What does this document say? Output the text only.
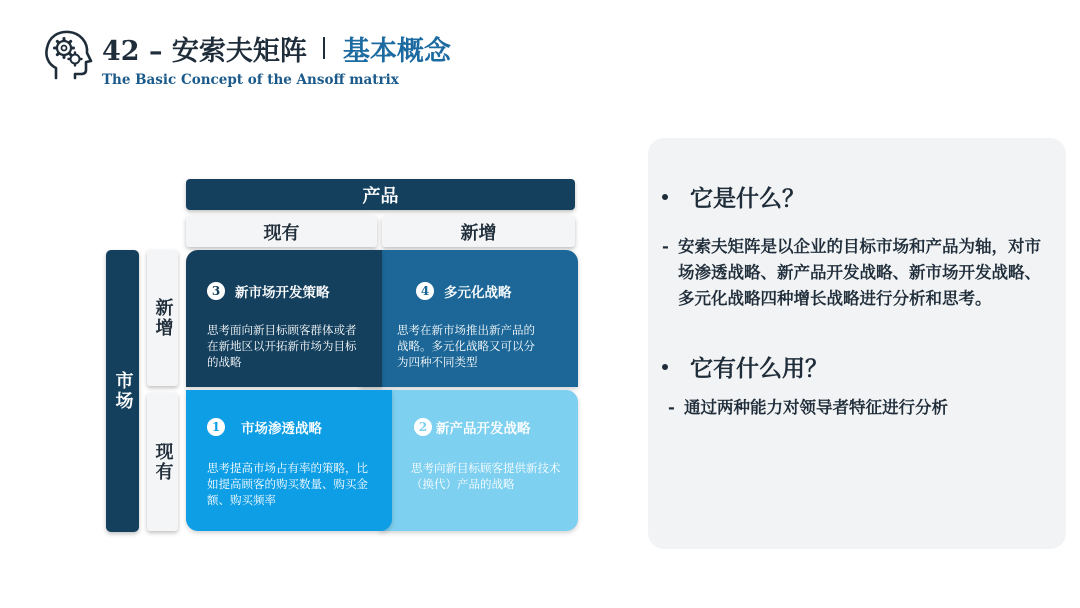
42 – 安索夫矩阵 基本概念
The Basic Concept of the Ansoff matrix
产品
现有	新增
市场
新增
现有
4	多元化战略
思考在新市场推出新产品的战略。多元化战略又可以分为四种不同类型
3	新市场开发策略
思考面向新目标顾客群体或者在新地区以开拓新市场为目标的战略
2 新产品开发战略
思考向新目标顾客提供新技术（换代）产品的战略
1	市场渗透战略
思考提高市场占有率的策略，比如提高顾客的购买数量、购买金额、购买频率
它是什么？
- 安索夫矩阵是以企业的目标市场和产品为轴，对市场渗透战略、新产品开发战略、新市场开发战略、多元化战略四种增长战略进行分析和思考。
它有什么用？
- 通过两种能力对领导者特征进行分析
